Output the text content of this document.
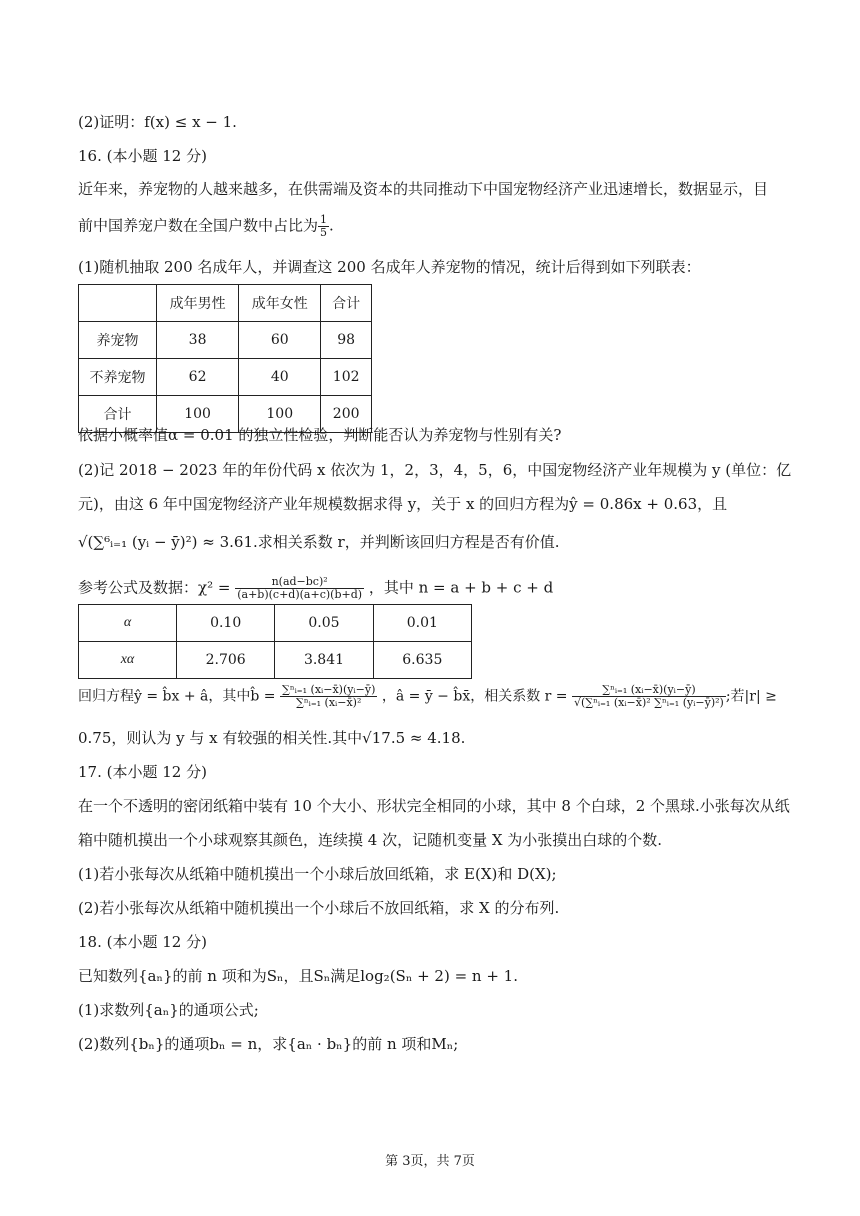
(2)证明：f(x) ≤ x − 1.
16. (本小题 12 分)
近年来，养宠物的人越来越多，在供需端及资本的共同推动下中国宠物经济产业迅速增长，数据显示，目
前中国养宠户数在全国户数中占比为 $\frac{1}{5}$ .
(1)随机抽取 200 名成年人，并调查这 200 名成年人养宠物的情况，统计后得到如下列联表：
	成年男性	成年女性	合计
养宠物	38	60	98
不养宠物	62	40	102
合计	100	100	200
依据小概率值α = 0.01 的独立性检验，判断能否认为养宠物与性别有关?
(2)记 2018 − 2023 年的年份代码 x 依次为 1，2，3，4，5，6，中国宠物经济产业年规模为 y (单位：亿
元)，由这 6 年中国宠物经济产业年规模数据求得 y，关于 x 的回归方程为ŷ = 0.86x + 0.63，且
√(∑⁶ᵢ₌₁ (yᵢ − ȳ)²) ≈ 3.61.求相关系数 r，并判断该回归方程是否有价值.
参考公式及数据：$\chi^2 = \frac{\text{n(ad−bc)²}}{(a+b)(c+d)(a+c)(b+d)}$ ，其中 n = a + b + c + d
α	0.10	0.05	0.01
xα	2.706	3.841	6.635
回归方程ŷ = b̂x + â，其中b̂ = $\frac{\text{∑ⁿᵢ₌₁ (xᵢ−x̄)(yᵢ−ȳ)}}{\text{∑ⁿᵢ₌₁ (xᵢ−x̄)²}}$ ，â = ȳ − b̂x̄，相关系数 $r = \frac{\text{∑ⁿᵢ₌₁ (xᵢ−x̄)(yᵢ−ȳ)}}{\text{√(∑ⁿᵢ₌₁ (xᵢ−x̄)² ∑ⁿᵢ₌₁ (yᵢ−ȳ)²)}}$ ;若|r| ≥
0.75，则认为 y 与 x 有较强的相关性.其中√17.5 ≈ 4.18.
17. (本小题 12 分)
在一个不透明的密闭纸箱中装有 10 个大小、形状完全相同的小球，其中 8 个白球，2 个黑球.小张每次从纸
箱中随机摸出一个小球观察其颜色，连续摸 4 次，记随机变量 X 为小张摸出白球的个数.
(1)若小张每次从纸箱中随机摸出一个小球后放回纸箱，求 E(X)和 D(X);
(2)若小张每次从纸箱中随机摸出一个小球后不放回纸箱，求 X 的分布列.
18. (本小题 12 分)
已知数列{aₙ}的前 n 项和为Sₙ，且Sₙ满足log₂(Sₙ + 2) = n + 1.
(1)求数列{aₙ}的通项公式;
(2)数列{bₙ}的通项bₙ = n，求{aₙ · bₙ}的前 n 项和Mₙ;
第 3页，共 7页
